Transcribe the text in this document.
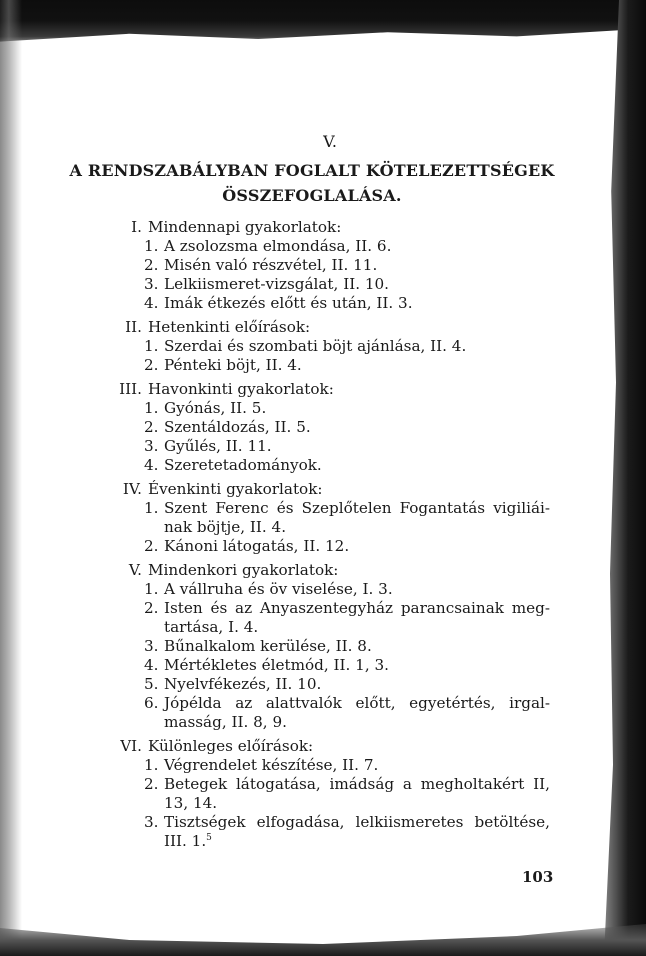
V.
A RENDSZABÁLYBAN FOGLALT KÖTELEZETTSÉGEK
ÖSSZEFOGLALÁSA.
I. Mindennapi gyakorlatok:
1. A zsolozsma elmondása, II. 6.
2. Misén való részvétel, II. 11.
3. Lelkiismeret-vizsgálat, II. 10.
4. Imák étkezés előtt és után, II. 3.
II. Hetenkinti előírások:
1. Szerdai és szombati böjt ajánlása, II. 4.
2. Pénteki böjt, II. 4.
III. Havonkinti gyakorlatok:
1. Gyónás, II. 5.
2. Szentáldozás, II. 5.
3. Gyűlés, II. 11.
4. Szeretetadományok.
IV. Évenkinti gyakorlatok:
1. Szent Ferenc és Szeplőtelen Fogantatás vigiliái- nak böjtje, II. 4.
2. Kánoni látogatás, II. 12.
V. Mindenkori gyakorlatok:
1. A vállruha és öv viselése, I. 3.
2. Isten és az Anyaszentegyház parancsainak meg- tartása, I. 4.
3. Bűnalkalom kerülése, II. 8.
4. Mértékletes életmód, II. 1, 3.
5. Nyelvfékezés, II. 10.
6. Jópélda az alattvalók előtt, egyetértés, irgal- masság, II. 8, 9.
VI. Különleges előírások:
1. Végrendelet készítése, II. 7.
2. Betegek látogatása, imádság a megholtakért II, 13, 14.
3. Tisztségek elfogadása, lelkiismeretes betöltése, III. 1.$^5$
103
